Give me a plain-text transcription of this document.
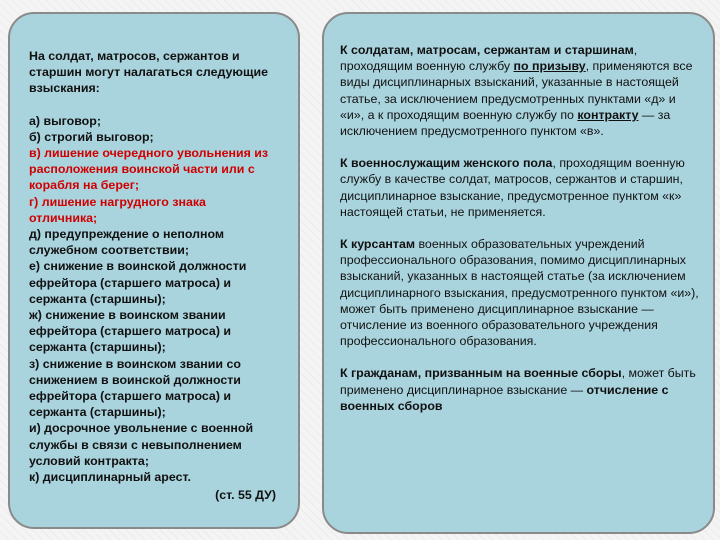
На солдат, матросов, сержантов и старшин могут налагаться следующие взыскания:
а) выговор;
б) строгий выговор;
в) лишение очередного увольнения из расположения воинской части или с корабля на берег;
г) лишение нагрудного знака отличника;
д) предупреждение о неполном служебном соответствии;
е) снижение в воинской должности ефрейтора (старшего матроса) и сержанта (старшины);
ж) снижение в воинском звании ефрейтора (старшего матроса) и сержанта (старшины);
з) снижение в воинском звании со снижением в воинской должности ефрейтора (старшего матроса) и сержанта (старшины);
и) досрочное увольнение с военной службы в связи с невыполнением условий контракта;
к) дисциплинарный арест.
(ст. 55 ДУ)

К солдатам, матросам, сержантам и старшинам, проходящим военную службу по призыву, применяются все виды дисциплинарных взысканий, указанные в настоящей статье, за исключением предусмотренных пунктами «д» и «и», а к проходящим военную службу по контракту — за исключением предусмотренного пунктом «в».

К военнослужащим женского пола, проходящим военную службу в качестве солдат, матросов, сержантов и старшин, дисциплинарное взыскание, предусмотренное пунктом «к» настоящей статьи, не применяется.

К курсантам военных образовательных учреждений профессионального образования, помимо дисциплинарных взысканий, указанных в настоящей статье (за исключением дисциплинарного взыскания, предусмотренного пунктом «и»), может быть применено дисциплинарное взыскание — отчисление из военного образовательного учреждения профессионального образования.

К гражданам, призванным на военные сборы, может быть применено дисциплинарное взыскание — отчисление с военных сборов
